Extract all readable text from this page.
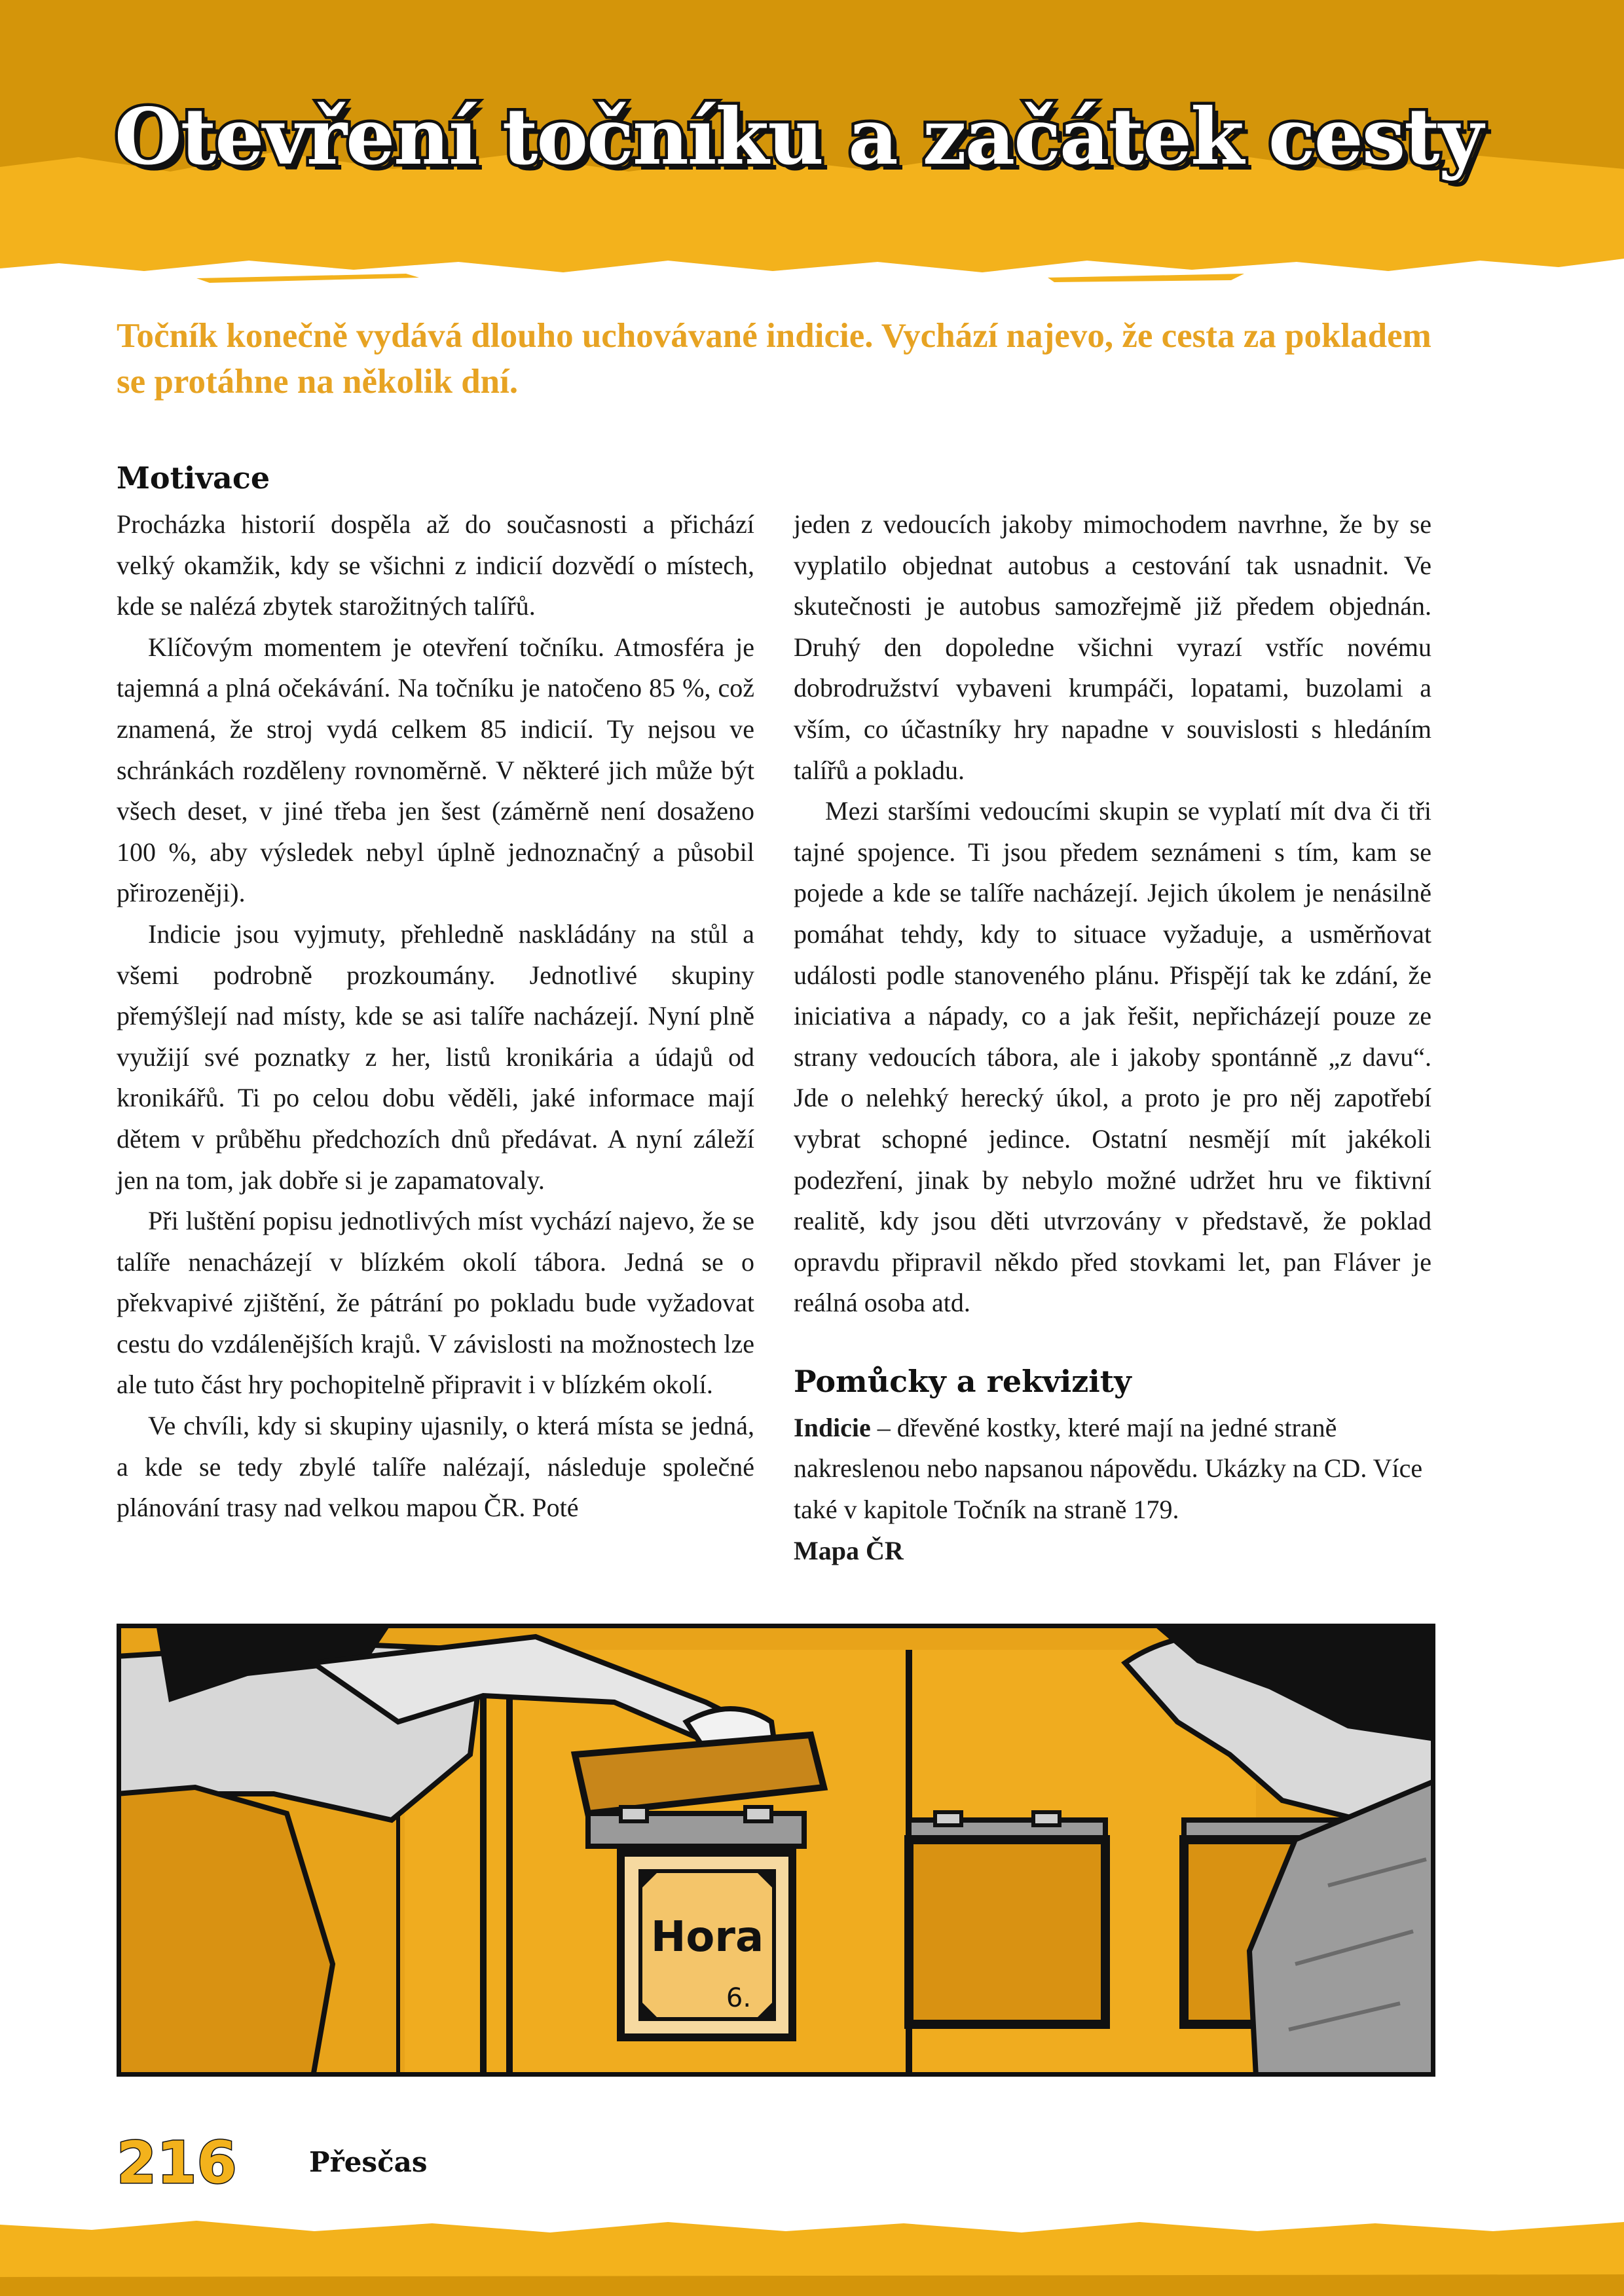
Otevření točníku a začátek cesty

Točník konečně vydává dlouho uchovávané indicie. Vychází najevo, že cesta za pokladem se protáhne na několik dní.

Motivace

Procházka historií dospěla až do současnosti a přichází velký okamžik, kdy se všichni z indicií dozvědí o místech, kde se nalézá zbytek starožitných talířů.

Klíčovým momentem je otevření točníku. Atmosféra je tajemná a plná očekávání. Na točníku je natočeno 85 %, což znamená, že stroj vydá celkem 85 indicií. Ty nejsou ve schránkách rozděleny rovnoměrně. V některé jich může být všech deset, v jiné třeba jen šest (záměrně není dosaženo 100 %, aby výsledek nebyl úplně jednoznačný a působil přirozeněji).

Indicie jsou vyjmuty, přehledně naskládány na stůl a všemi podrobně prozkoumány. Jednotlivé skupiny přemýšlejí nad místy, kde se asi talíře nacházejí. Nyní plně využijí své poznatky z her, listů kronikária a údajů od kronikářů. Ti po celou dobu věděli, jaké informace mají dětem v průběhu předchozích dnů předávat. A nyní záleží jen na tom, jak dobře si je zapamatovaly.

Při luštění popisu jednotlivých míst vychází najevo, že se talíře nenacházejí v blízkém okolí tábora. Jedná se o překvapivé zjištění, že pátrání po pokladu bude vyžadovat cestu do vzdálenějších krajů. V závislosti na možnostech lze ale tuto část hry pochopitelně připravit i v blízkém okolí.

Ve chvíli, kdy si skupiny ujasnily, o která místa se jedná, a kde se tedy zbylé talíře nalézají, následuje společné plánování trasy nad velkou mapou ČR. Poté

jeden z vedoucích jakoby mimochodem navrhne, že by se vyplatilo objednat autobus a cestování tak usnadnit. Ve skutečnosti je autobus samozřejmě již předem objednán. Druhý den dopoledne všichni vyrazí vstříc novému dobrodružství vybaveni krumpáči, lopatami, buzolami a vším, co účastníky hry napadne v souvislosti s hledáním talířů a pokladu.

Mezi staršími vedoucími skupin se vyplatí mít dva či tři tajné spojence. Ti jsou předem seznámeni s tím, kam se pojede a kde se talíře nacházejí. Jejich úkolem je nenásilně pomáhat tehdy, kdy to situace vyžaduje, a usměrňovat události podle stanoveného plánu. Přispějí tak ke zdání, že iniciativa a nápady, co a jak řešit, nepřicházejí pouze ze strany vedoucích tábora, ale i jakoby spontánně „z davu“. Jde o nelehký herecký úkol, a proto je pro něj zapotřebí vybrat schopné jedince. Ostatní nesmějí mít jakékoli podezření, jinak by nebylo možné udržet hru ve fiktivní realitě, kdy jsou děti utvrzovány v představě, že poklad opravdu připravil někdo před stovkami let, pan Fláver je reálná osoba atd.

Pomůcky a rekvizity

Indicie – dřevěné kostky, které mají na jedné straně nakreslenou nebo napsanou nápovědu. Ukázky na CD. Více také v kapitole Točník na straně 179.

Mapa ČR

Hora
6.
216	Přesčas
